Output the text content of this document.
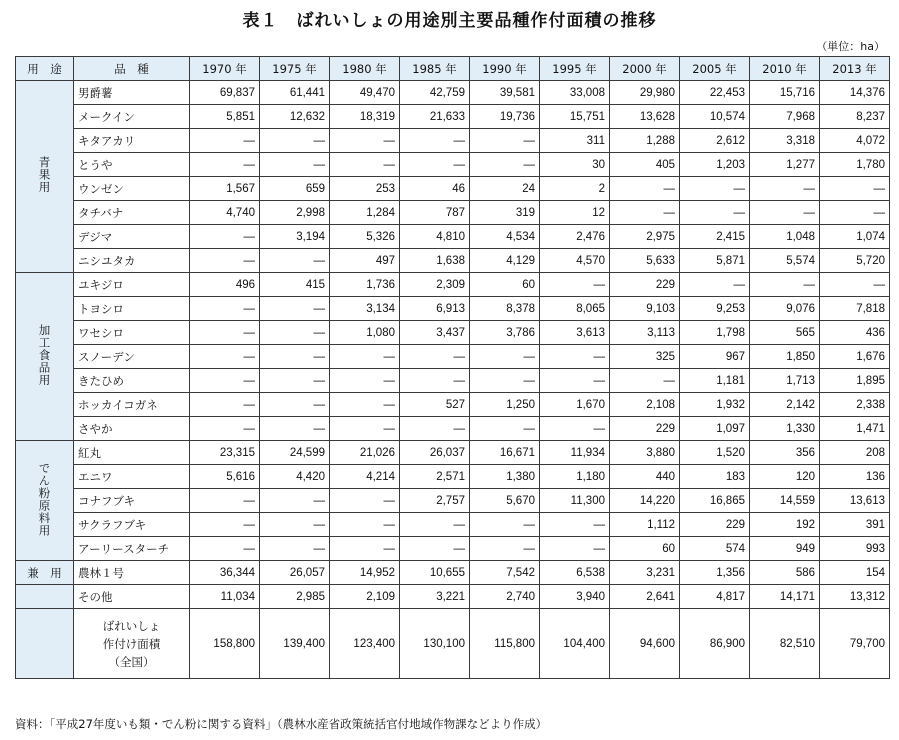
表１　ばれいしょの用途別主要品種作付面積の推移
（単位：ha）
用　途	品　種	1970 年	1975 年	1980 年	1985 年	1990 年	1995 年	2000 年	2005 年	2010 年	2013 年
青果用	男爵薯	69,837	61,441	49,470	42,759	39,581	33,008	29,980	22,453	15,716	14,376
	メークイン	5,851	12,632	18,319	21,633	19,736	15,751	13,628	10,574	7,968	8,237
	キタアカリ	—	—	—	—	—	311	1,288	2,612	3,318	4,072
	とうや	—	—	—	—	—	30	405	1,203	1,277	1,780
	ウンゼン	1,567	659	253	46	24	2	—	—	—	—
	タチバナ	4,740	2,998	1,284	787	319	12	—	—	—	—
	デジマ	—	3,194	5,326	4,810	4,534	2,476	2,975	2,415	1,048	1,074
	ニシユタカ	—	—	497	1,638	4,129	4,570	5,633	5,871	5,574	5,720
加工食品用	ユキジロ	496	415	1,736	2,309	60	—	229	—	—	—
	トヨシロ	—	—	3,134	6,913	8,378	8,065	9,103	9,253	9,076	7,818
	ワセシロ	—	—	1,080	3,437	3,786	3,613	3,113	1,798	565	436
	スノーデン	—	—	—	—	—	—	325	967	1,850	1,676
	きたひめ	—	—	—	—	—	—	—	1,181	1,713	1,895
	ホッカイコガネ	—	—	—	527	1,250	1,670	2,108	1,932	2,142	2,338
	さやか	—	—	—	—	—	—	229	1,097	1,330	1,471
でん粉原料用	紅丸	23,315	24,599	21,026	26,037	16,671	11,934	3,880	1,520	356	208
	エニワ	5,616	4,420	4,214	2,571	1,380	1,180	440	183	120	136
	コナフブキ	—	—	—	2,757	5,670	11,300	14,220	16,865	14,559	13,613
	サクラフブキ	—	—	—	—	—	—	1,112	229	192	391
	アーリースターチ	—	—	—	—	—	—	60	574	949	993
兼　用	農林１号	36,344	26,057	14,952	10,655	7,542	6,538	3,231	1,356	586	154
	その他	11,034	2,985	2,109	3,221	2,740	3,940	2,641	4,817	14,171	13,312

	ばれいしょ
作付け面積
（全国）	158,800	139,400	123,400	130,100	115,800	104,400	94,600	86,900	82,510	79,700
資料：「平成27年度いも類・でん粉に関する資料」（農林水産省政策統括官付地域作物課などより作成）
